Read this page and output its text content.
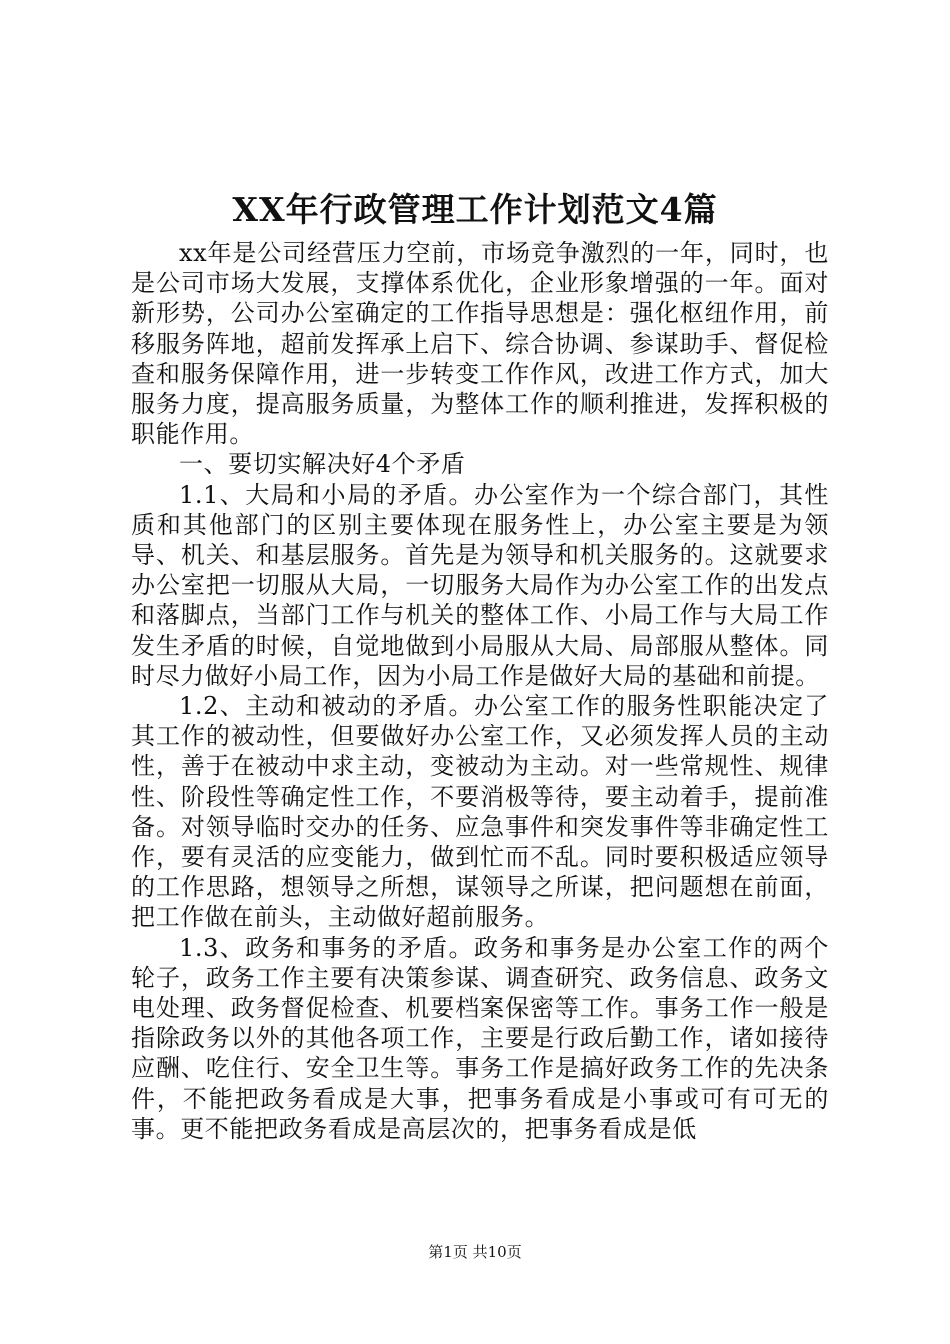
XX年行政管理工作计划范文4篇

xx年是公司经营压力空前，市场竞争激烈的一年，同时，也是公司市场大发展，支撑体系优化，企业形象增强的一年。面对新形势，公司办公室确定的工作指导思想是：强化枢纽作用，前移服务阵地，超前发挥承上启下、综合协调、参谋助手、督促检查和服务保障作用，进一步转变工作作风，改进工作方式，加大服务力度，提高服务质量，为整体工作的顺利推进，发挥积极的职能作用。

一、要切实解决好4个矛盾

1.1、大局和小局的矛盾。办公室作为一个综合部门，其性质和其他部门的区别主要体现在服务性上，办公室主要是为领导、机关、和基层服务。首先是为领导和机关服务的。这就要求办公室把一切服从大局，一切服务大局作为办公室工作的出发点和落脚点，当部门工作与机关的整体工作、小局工作与大局工作发生矛盾的时候，自觉地做到小局服从大局、局部服从整体。同时尽力做好小局工作，因为小局工作是做好大局的基础和前提。

1.2、主动和被动的矛盾。办公室工作的服务性职能决定了其工作的被动性，但要做好办公室工作，又必须发挥人员的主动性，善于在被动中求主动，变被动为主动。对一些常规性、规律性、阶段性等确定性工作，不要消极等待，要主动着手，提前准备。对领导临时交办的任务、应急事件和突发事件等非确定性工作，要有灵活的应变能力，做到忙而不乱。同时要积极适应领导的工作思路，想领导之所想，谋领导之所谋，把问题想在前面，把工作做在前头，主动做好超前服务。

1.3、政务和事务的矛盾。政务和事务是办公室工作的两个轮子，政务工作主要有决策参谋、调查研究、政务信息、政务文电处理、政务督促检查、机要档案保密等工作。事务工作一般是指除政务以外的其他各项工作，主要是行政后勤工作，诸如接待应酬、吃住行、安全卫生等。事务工作是搞好政务工作的先决条件，不能把政务看成是大事，把事务看成是小事或可有可无的事。更不能把政务看成是高层次的，把事务看成是低

第1页 共10页
